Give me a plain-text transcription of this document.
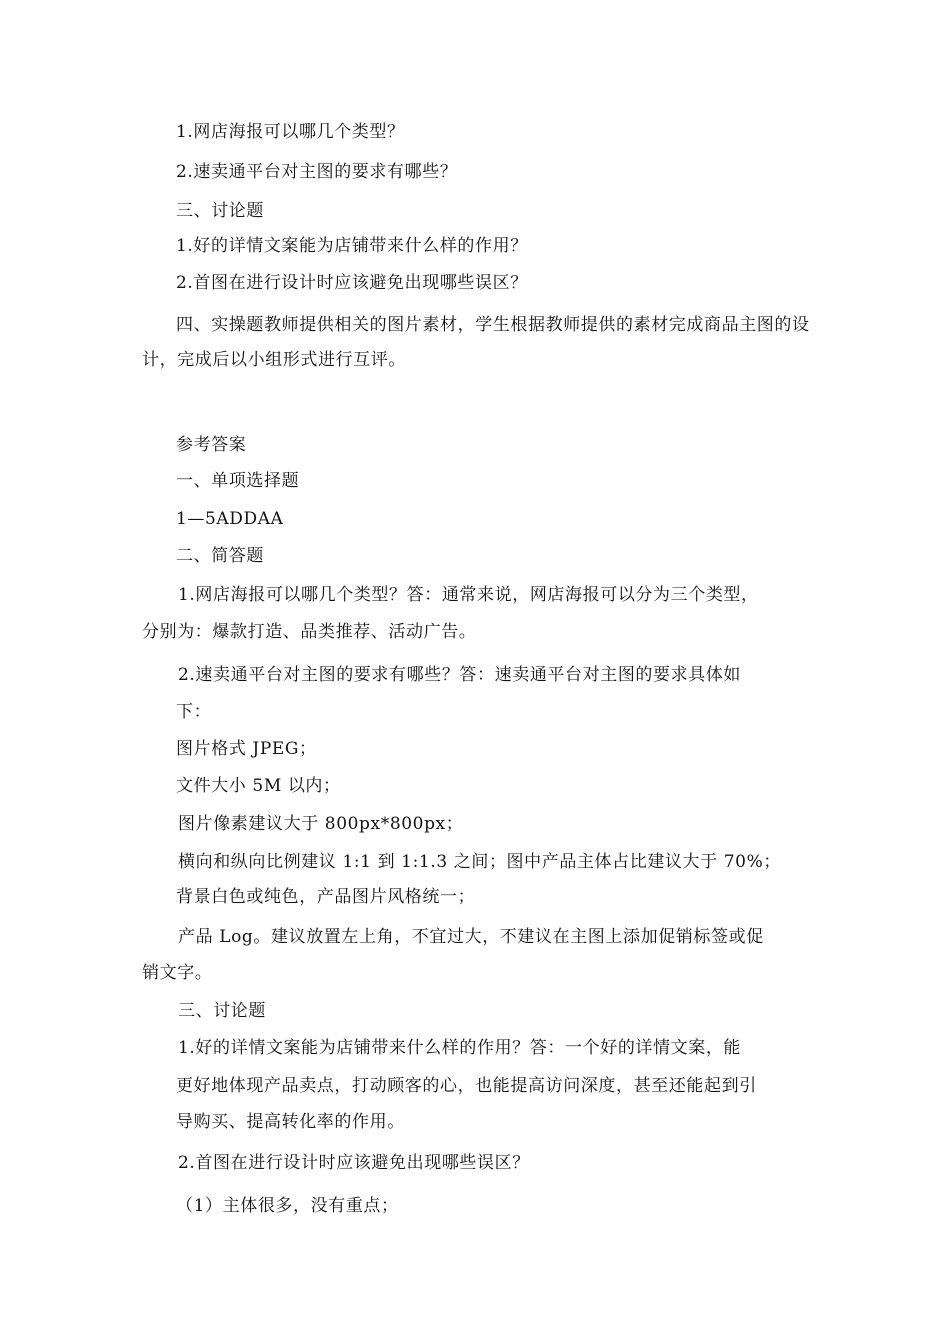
1.网店海报可以哪几个类型？
2.速卖通平台对主图的要求有哪些？
三、讨论题
1.好的详情文案能为店铺带来什么样的作用？
2.首图在进行设计时应该避免出现哪些误区？
四、实操题教师提供相关的图片素材，学生根据教师提供的素材完成商品主图的设
计，完成后以小组形式进行互评。
参考答案
一、单项选择题
1—5ADDAA
二、简答题
1.网店海报可以哪几个类型？答：通常来说，网店海报可以分为三个类型，
分别为：爆款打造、品类推荐、活动广告。
2.速卖通平台对主图的要求有哪些？答：速卖通平台对主图的要求具体如
下：
图片格式 JPEG；
文件大小 5M 以内；
图片像素建议大于 800px*800px；
横向和纵向比例建议 1:1 到 1:1.3 之间；图中产品主体占比建议大于 70%；
背景白色或纯色，产品图片风格统一；
产品 Log。建议放置左上角，不宜过大，不建议在主图上添加促销标签或促
销文字。
三、讨论题
1.好的详情文案能为店铺带来什么样的作用？答：一个好的详情文案，能
更好地体现产品卖点，打动顾客的心，也能提高访问深度，甚至还能起到引
导购买、提高转化率的作用。
2.首图在进行设计时应该避免出现哪些误区？
（1）主体很多，没有重点；
